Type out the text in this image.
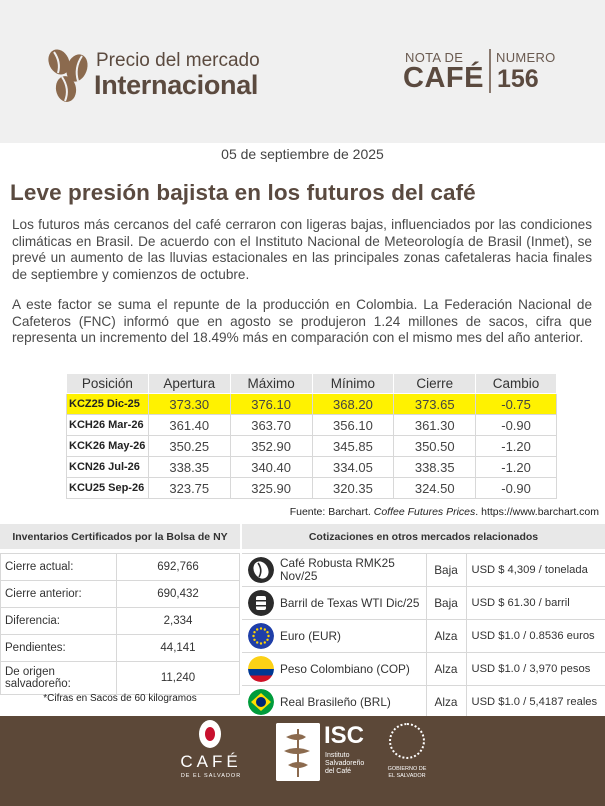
Precio del mercado
Internacional
NOTA DE
CAFÉ
NUMERO
156
05 de septiembre de 2025
Leve presión bajista en los futuros del café

Los futuros más cercanos del café cerraron con ligeras bajas, influenciados por las condiciones climáticas en Brasil. De acuerdo con el Instituto Nacional de Meteorología de Brasil (Inmet), se prevé un aumento de las lluvias estacionales en las principales zonas cafetaleras hacia finales de septiembre y comienzos de octubre.

A este factor se suma el repunte de la producción en Colombia. La Federación Nacional de Cafeteros (FNC) informó que en agosto se produjeron 1.24 millones de sacos, cifra que representa un incremento del 18.49% más en comparación con el mismo mes del año anterior.

Posición	Apertura	Máximo	Mínimo	Cierre	Cambio
KCZ25 Dic-25	373.30	376.10	368.20	373.65	-0.75
KCH26 Mar-26	361.40	363.70	356.10	361.30	-0.90
KCK26 May-26	350.25	352.90	345.85	350.50	-1.20
KCN26 Jul-26	338.35	340.40	334.05	338.35	-1.20
KCU25 Sep-26	323.75	325.90	320.35	324.50	-0.90
Fuente: Barchart. Coffee Futures Prices. https://www.barchart.com
Inventarios Certificados por la Bolsa de NY	Cotizaciones en otros mercados relacionados
Cierre actual:	692,766
Cierre anterior:	690,432
Diferencia:	2,334
Pendientes:	44,141
De origen salvadoreño:	11,240
*Cifras en Sacos de 60 kilogramos
	Café Robusta RMK25 Nov/25	Baja	USD $ 4,309 / tonelada
	Barril de Texas WTI Dic/25	Baja	USD $ 61.30 / barril
	Euro (EUR)	Alza	USD $1.0 / 0.8536 euros
	Peso Colombiano (COP)	Alza	USD $1.0 / 3,970 pesos
	Real Brasileño (BRL)	Alza	USD $1.0 / 5,4187 reales
CAFÉ
DE EL SALVADOR
ISC
Instituto
Salvadoreño
del Café	GOBIERNO DE
EL SALVADOR
